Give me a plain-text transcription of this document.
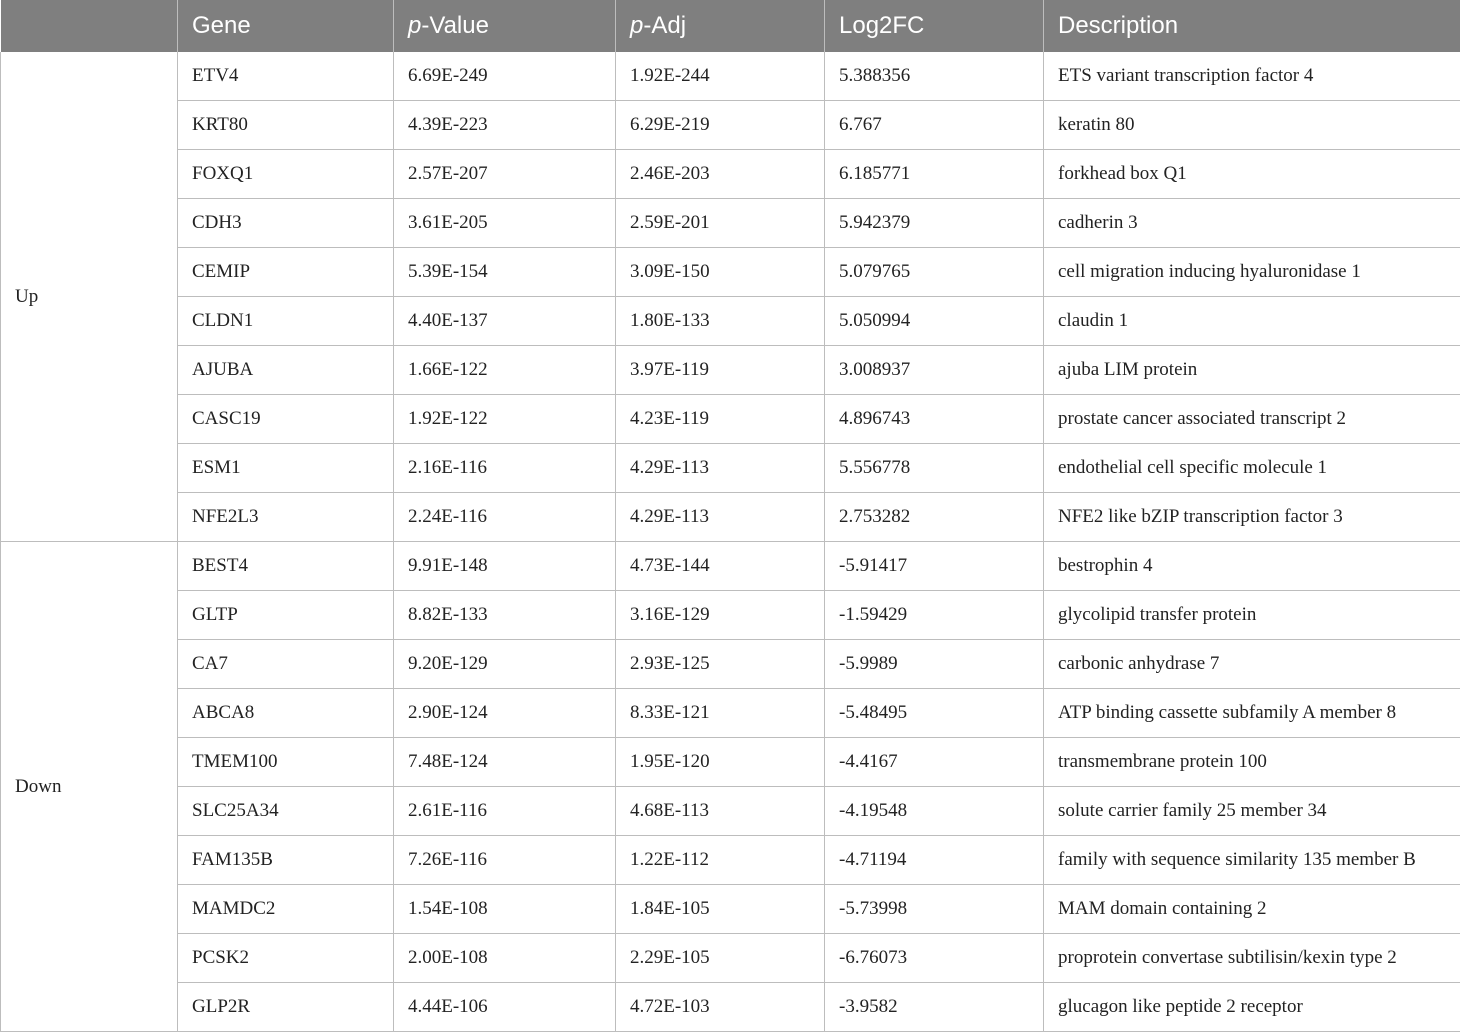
	Gene	p-Value	p-Adj	Log2FC	Description
Up	ETV4	6.69E-249	1.92E-244	5.388356	ETS variant transcription factor 4
	KRT80	4.39E-223	6.29E-219	6.767	keratin 80
	FOXQ1	2.57E-207	2.46E-203	6.185771	forkhead box Q1
	CDH3	3.61E-205	2.59E-201	5.942379	cadherin 3
	CEMIP	5.39E-154	3.09E-150	5.079765	cell migration inducing hyaluronidase 1
	CLDN1	4.40E-137	1.80E-133	5.050994	claudin 1
	AJUBA	1.66E-122	3.97E-119	3.008937	ajuba LIM protein
	CASC19	1.92E-122	4.23E-119	4.896743	prostate cancer associated transcript 2
	ESM1	2.16E-116	4.29E-113	5.556778	endothelial cell specific molecule 1
	NFE2L3	2.24E-116	4.29E-113	2.753282	NFE2 like bZIP transcription factor 3
Down	BEST4	9.91E-148	4.73E-144	-5.91417	bestrophin 4
	GLTP	8.82E-133	3.16E-129	-1.59429	glycolipid transfer protein
	CA7	9.20E-129	2.93E-125	-5.9989	carbonic anhydrase 7
	ABCA8	2.90E-124	8.33E-121	-5.48495	ATP binding cassette subfamily A member 8
	TMEM100	7.48E-124	1.95E-120	-4.4167	transmembrane protein 100
	SLC25A34	2.61E-116	4.68E-113	-4.19548	solute carrier family 25 member 34
	FAM135B	7.26E-116	1.22E-112	-4.71194	family with sequence similarity 135 member B
	MAMDC2	1.54E-108	1.84E-105	-5.73998	MAM domain containing 2
	PCSK2	2.00E-108	2.29E-105	-6.76073	proprotein convertase subtilisin/kexin type 2
	GLP2R	4.44E-106	4.72E-103	-3.9582	glucagon like peptide 2 receptor
